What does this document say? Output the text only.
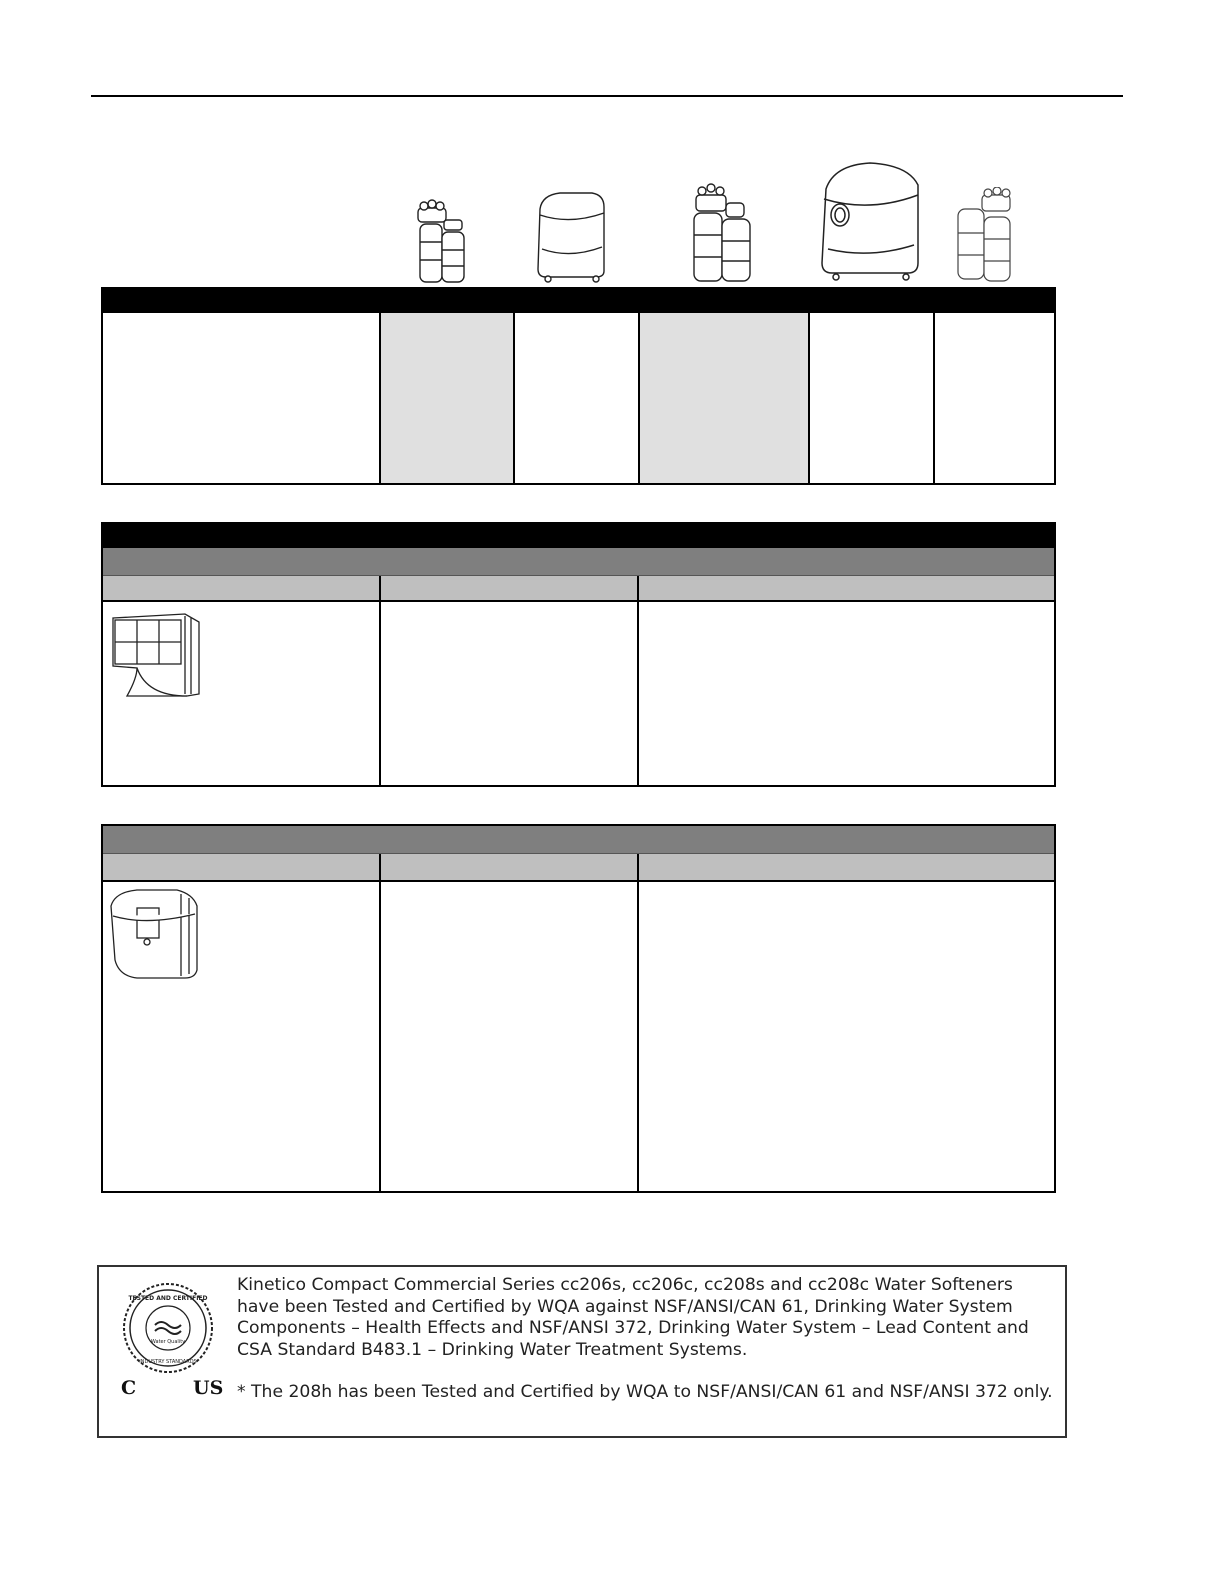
Water Quality
TESTED AND CERTIFIED
INDUSTRY STANDARDS
C	US

Kinetico Compact Commercial Series cc206s, cc206c, cc208s and cc208c Water Softeners have been Tested and Certified by WQA against NSF/ANSI/CAN 61, Drinking Water System Components – Health Effects and NSF/ANSI 372, Drinking Water System – Lead Content and CSA Standard B483.1 – Drinking Water Treatment Systems.

* The 208h has been Tested and Certified by WQA to NSF/ANSI/CAN 61 and NSF/ANSI 372 only.
